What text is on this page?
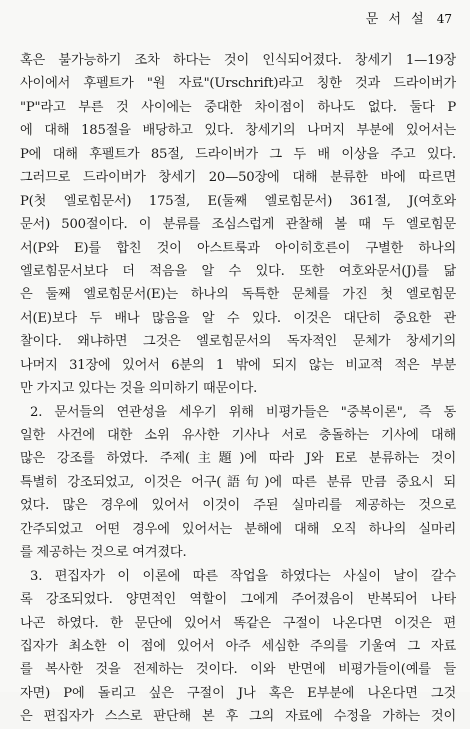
문 서 설 47
혹은 불가능하기 조차 하다는 것이 인식되어졌다. 창세기 1—19장
사이에서 후펠트가 "원 자료"(Urschrift)라고 칭한 것과 드라이버가
"P"라고 부른 것 사이에는 중대한 차이점이 하나도 없다. 둘다 P
에 대해 185절을 배당하고 있다. 창세기의 나머지 부분에 있어서는
P에 대해 후펠트가 85절, 드라이버가 그 두 배 이상을 주고 있다.
그러므로 드라이버가 창세기 20—50장에 대해 분류한 바에 따르면
P(첫 엘로힘문서) 175절, E(둘째 엘로힘문서) 361절, J(여호와
문서) 500절이다. 이 분류를 조심스럽게 관찰해 볼 때 두 엘로힘문
서(P와 E)를 합친 것이 아스트룩과 아이히호른이 구별한 하나의
엘로힘문서보다 더 적음을 알 수 있다. 또한 여호와문서(J)를 닮
은 둘째 엘로힘문서(E)는 하나의 독특한 문체를 가진 첫 엘로힘문
서(E)보다 두 배나 많음을 알 수 있다. 이것은 대단히 중요한 관
찰이다. 왜냐하면 그것은 엘로힘문서의 독자적인 문체가 창세기의
나머지 31장에 있어서 6분의 1 밖에 되지 않는 비교적 적은 부분
만 가지고 있다는 것을 의미하기 때문이다.
2. 문서들의 연관성을 세우기 위해 비평가들은 "중복이론", 즉 동
일한 사건에 대한 소위 유사한 기사나 서로 충돌하는 기사에 대해
많은 강조를 하였다. 주제(主題)에 따라 J와 E로 분류하는 것이
특별히 강조되었고, 이것은 어구(語句)에 따른 분류 만큼 중요시 되
었다. 많은 경우에 있어서 이것이 주된 실마리를 제공하는 것으로
간주되었고 어떤 경우에 있어서는 분해에 대해 오직 하나의 실마리
를 제공하는 것으로 여겨졌다.
3. 편집자가 이 이론에 따른 작업을 하였다는 사실이 날이 갈수
록 강조되었다. 양면적인 역할이 그에게 주어졌음이 반복되어 나타
나곤 하였다. 한 문단에 있어서 똑같은 구절이 나온다면 이것은 편
집자가 최소한 이 점에 있어서 아주 세심한 주의를 기울여 그 자료
를 복사한 것을 전제하는 것이다. 이와 반면에 비평가들이(예를 들
자면) P에 돌리고 싶은 구절이 J나 혹은 E부분에 나온다면 그것
은 편집자가 스스로 판단해 본 후 그의 자료에 수정을 가하는 것이
